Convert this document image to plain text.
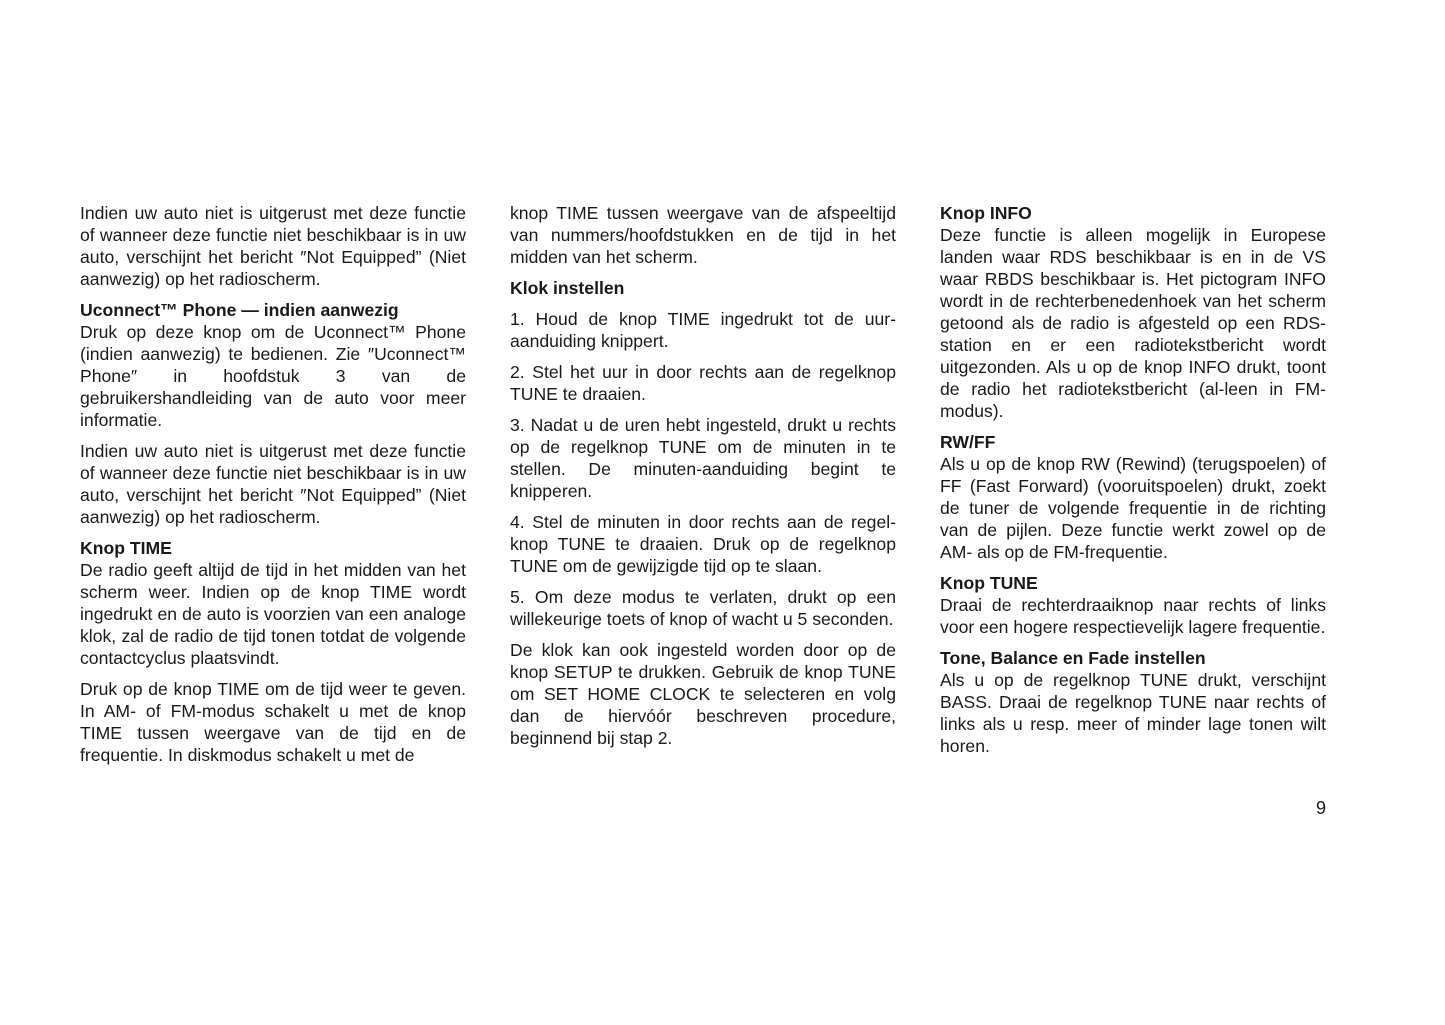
Indien uw auto niet is uitgerust met deze functie of wanneer deze functie niet beschikbaar is in uw auto, verschijnt het bericht ″Not Equipped” (Niet aanwezig) op het radioscherm.

Uconnect™ Phone — indien aanwezig

Druk op deze knop om de Uconnect™ Phone (indien aanwezig) te bedienen. Zie ″Uconnect™ Phone″ in hoofdstuk 3 van de gebruikershandleiding van de auto voor meer informatie.

Indien uw auto niet is uitgerust met deze functie of wanneer deze functie niet beschikbaar is in uw auto, verschijnt het bericht ″Not Equipped” (Niet aanwezig) op het radioscherm.

Knop TIME

De radio geeft altijd de tijd in het midden van het scherm weer. Indien op de knop TIME wordt ingedrukt en de auto is voorzien van een analoge klok, zal de radio de tijd tonen totdat de volgende contactcyclus plaatsvindt.

Druk op de knop TIME om de tijd weer te geven. In AM- of FM-modus schakelt u met de knop TIME tussen weergave van de tijd en de frequentie. In diskmodus schakelt u met de

knop TIME tussen weergave van de afspeeltijd van nummers/hoofdstukken en de tijd in het midden van het scherm.

Klok instellen

1. Houd de knop TIME ingedrukt tot de uur-aanduiding knippert.

2. Stel het uur in door rechts aan de regelknop TUNE te draaien.

3. Nadat u de uren hebt ingesteld, drukt u rechts op de regelknop TUNE om de minuten in te stellen. De minuten-aanduiding begint te knipperen.

4. Stel de minuten in door rechts aan de regel-knop TUNE te draaien. Druk op de regelknop TUNE om de gewijzigde tijd op te slaan.

5. Om deze modus te verlaten, drukt op een willekeurige toets of knop of wacht u 5 seconden.

De klok kan ook ingesteld worden door op de knop SETUP te drukken. Gebruik de knop TUNE om SET HOME CLOCK te selecteren en volg dan de hiervóór beschreven procedure, beginnend bij stap 2.

Knop INFO

Deze functie is alleen mogelijk in Europese landen waar RDS beschikbaar is en in de VS waar RBDS beschikbaar is. Het pictogram INFO wordt in de rechterbenedenhoek van het scherm getoond als de radio is afgesteld op een RDS-station en er een radiotekstbericht wordt uitgezonden. Als u op de knop INFO drukt, toont de radio het radiotekstbericht (al-leen in FM-modus).

RW/FF

Als u op de knop RW (Rewind) (terugspoelen) of FF (Fast Forward) (vooruitspoelen) drukt, zoekt de tuner de volgende frequentie in de richting van de pijlen. Deze functie werkt zowel op de AM- als op de FM-frequentie.

Knop TUNE

Draai de rechterdraaiknop naar rechts of links voor een hogere respectievelijk lagere frequentie.

Tone, Balance en Fade instellen

Als u op de regelknop TUNE drukt, verschijnt BASS. Draai de regelknop TUNE naar rechts of links als u resp. meer of minder lage tonen wilt horen.

9
